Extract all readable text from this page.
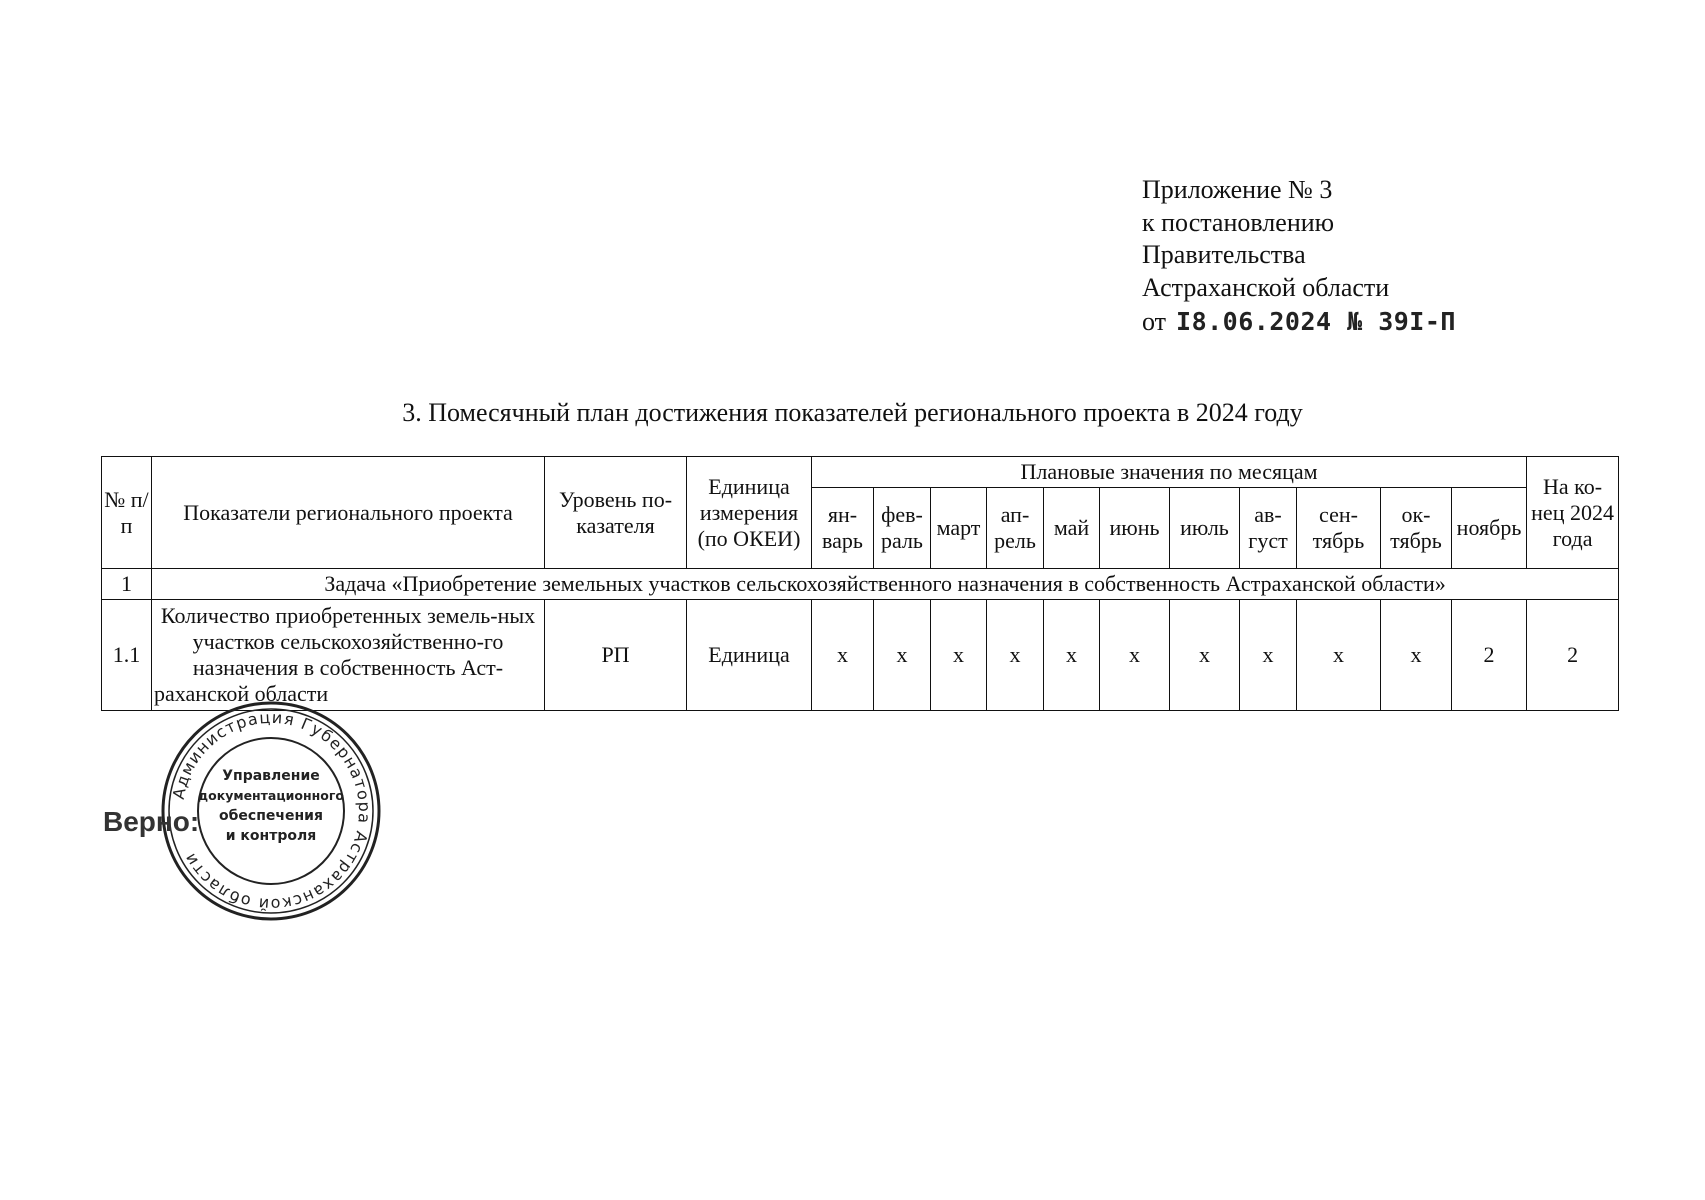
Приложение № 3
к постановлению
Правительства
Астраханской области
от I8.06.2024 № 39I-П
3. Помесячный план достижения показателей регионального проекта в 2024 году
№ п/п	Показатели регионального проекта	Уровень по-казателя	Единица измерения (по ОКЕИ)	Плановые значения по месяцам											На ко-нец 2024 года
				ян-варь	фев-раль	март	ап-рель	май	июнь	июль	ав-густ	сен-тябрь	ок-тябрь	ноябрь	
1	Задача «Приобретение земельных участков сельскохозяйственного назначения в собственность Астраханской области»														
1.1	Количество приобретенных земель-ных участков сельскохозяйственно-го назначения в собственность Аст-раханской области	РП	Единица	x	x	x	x	x	x	x	x	x	x	2	2
Администрация Губернатора Астраханской области
Управление
документационного
обеспечения
и контроля
Верно:
